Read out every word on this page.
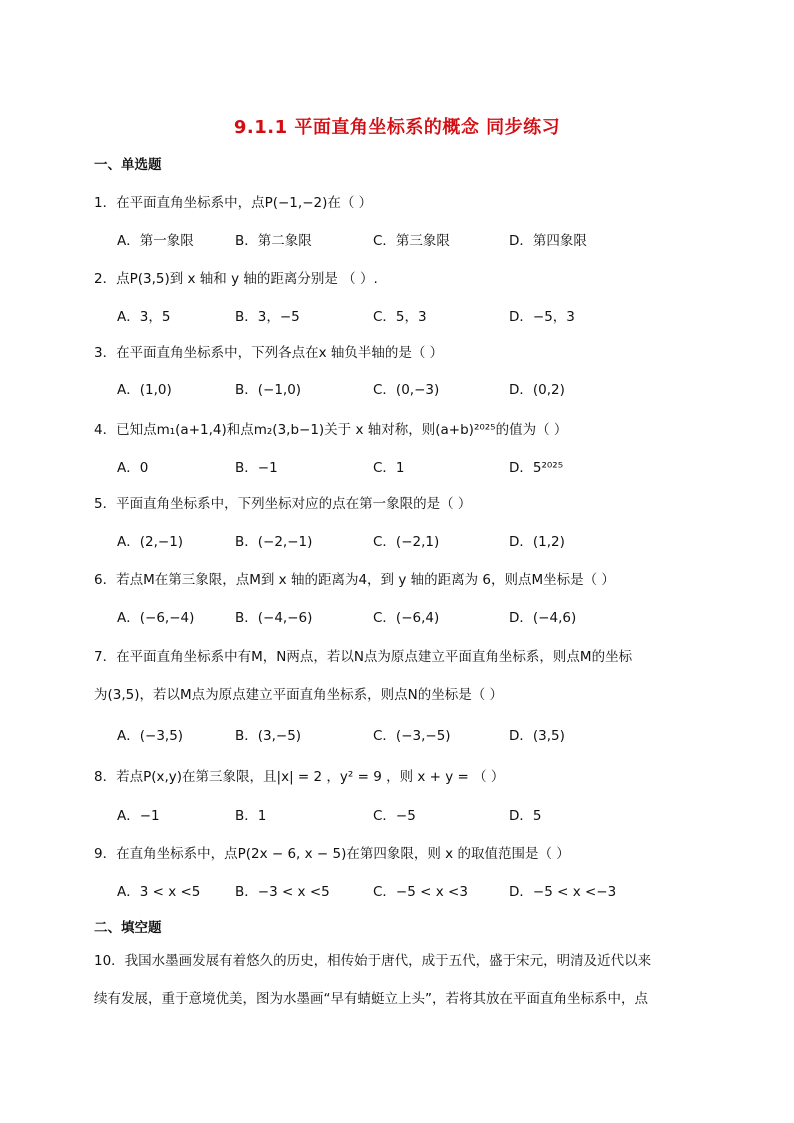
9.1.1 平面直角坐标系的概念 同步练习
一、单选题
1．在平面直角坐标系中，点P(−1,−2)在（ ）
A．第一象限	B．第二象限	C．第三象限	D．第四象限
2．点P(3,5)到 x 轴和 y 轴的距离分别是 （ ）.
A．3，5	B．3，−5	C．5，3	D．−5，3
3．在平面直角坐标系中，下列各点在x 轴负半轴的是（ ）
A．(1,0)	B．(−1,0)	C．(0,−3)	D．(0,2)
4．已知点m₁(a+1,4)和点m₂(3,b−1)关于 x 轴对称，则(a+b)²⁰²⁵的值为（ ）
A．0	B．−1	C．1	D．5²⁰²⁵
5．平面直角坐标系中，下列坐标对应的点在第一象限的是（ ）
A．(2,−1)	B．(−2,−1)	C．(−2,1)	D．(1,2)
6．若点M在第三象限，点M到 x 轴的距离为4，到 y 轴的距离为 6，则点M坐标是（ ）
A．(−6,−4)	B．(−4,−6)	C．(−6,4)	D．(−4,6)
7．在平面直角坐标系中有M，N两点，若以N点为原点建立平面直角坐标系，则点M的坐标
为(3,5)，若以M点为原点建立平面直角坐标系，则点N的坐标是（ ）
A．(−3,5)	B．(3,−5)	C．(−3,−5)	D．(3,5)
8．若点P(x,y)在第三象限，且|x| = 2 ，y² = 9 ，则 x + y = （ ）
A．−1	B．1	C．−5	D．5
9．在直角坐标系中，点P(2x − 6, x − 5)在第四象限，则 x 的取值范围是（ ）
A．3 < x <5	B．−3 < x <5	C．−5 < x <3	D．−5 < x <−3
二、填空题
10．我国水墨画发展有着悠久的历史，相传始于唐代，成于五代，盛于宋元，明清及近代以来
续有发展，重于意境优美，图为水墨画“早有蜻蜓立上头”，若将其放在平面直角坐标系中，点
